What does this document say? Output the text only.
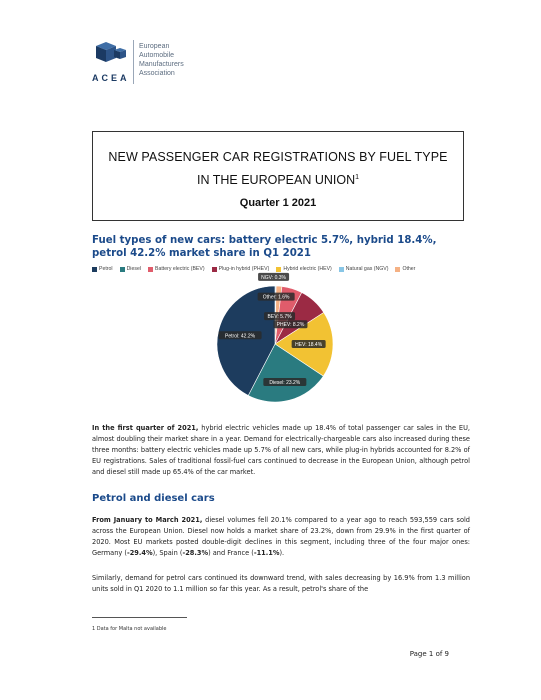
ACEA
European
Automobile
Manufacturers
Association
NEW PASSENGER CAR REGISTRATIONS BY FUEL TYPE
IN THE EUROPEAN UNION$^1$
Quarter 1 2021
Fuel types of new cars: battery electric 5.7%, hybrid 18.4%, petrol 42.2% market share in Q1 2021
Petrol	Diesel	Battery electric (BEV)	Plug-in hybrid (PHEV)	Hybrid electric (HEV)	Natural gas (NGV)	Other
NGV: 0.3%
Other: 1.6%
BEV: 5.7%
PHEV: 8.2%
HEV: 18.4%
Diesel: 23.2%
Petrol: 42.2%
In the first quarter of 2021, hybrid electric vehicles made up 18.4% of total passenger car sales in the EU, almost doubling their market share in a year. Demand for electrically-chargeable cars also increased during these three months: battery electric vehicles made up 5.7% of all new cars, while plug-in hybrids accounted for 8.2% of EU registrations. Sales of traditional fossil-fuel cars continued to decrease in the European Union, although petrol and diesel still made up 65.4% of the car market.
Petrol and diesel cars
From January to March 2021, diesel volumes fell 20.1% compared to a year ago to reach 593,559 cars sold across the European Union. Diesel now holds a market share of 23.2%, down from 29.9% in the first quarter of 2020. Most EU markets posted double-digit declines in this segment, including three of the four major ones: Germany (-29.4%), Spain (-28.3%) and France (-11.1%).
Similarly, demand for petrol cars continued its downward trend, with sales decreasing by 16.9% from 1.3 million units sold in Q1 2020 to 1.1 million so far this year. As a result, petrol's share of the
1 Data for Malta not available
Page 1 of 9
